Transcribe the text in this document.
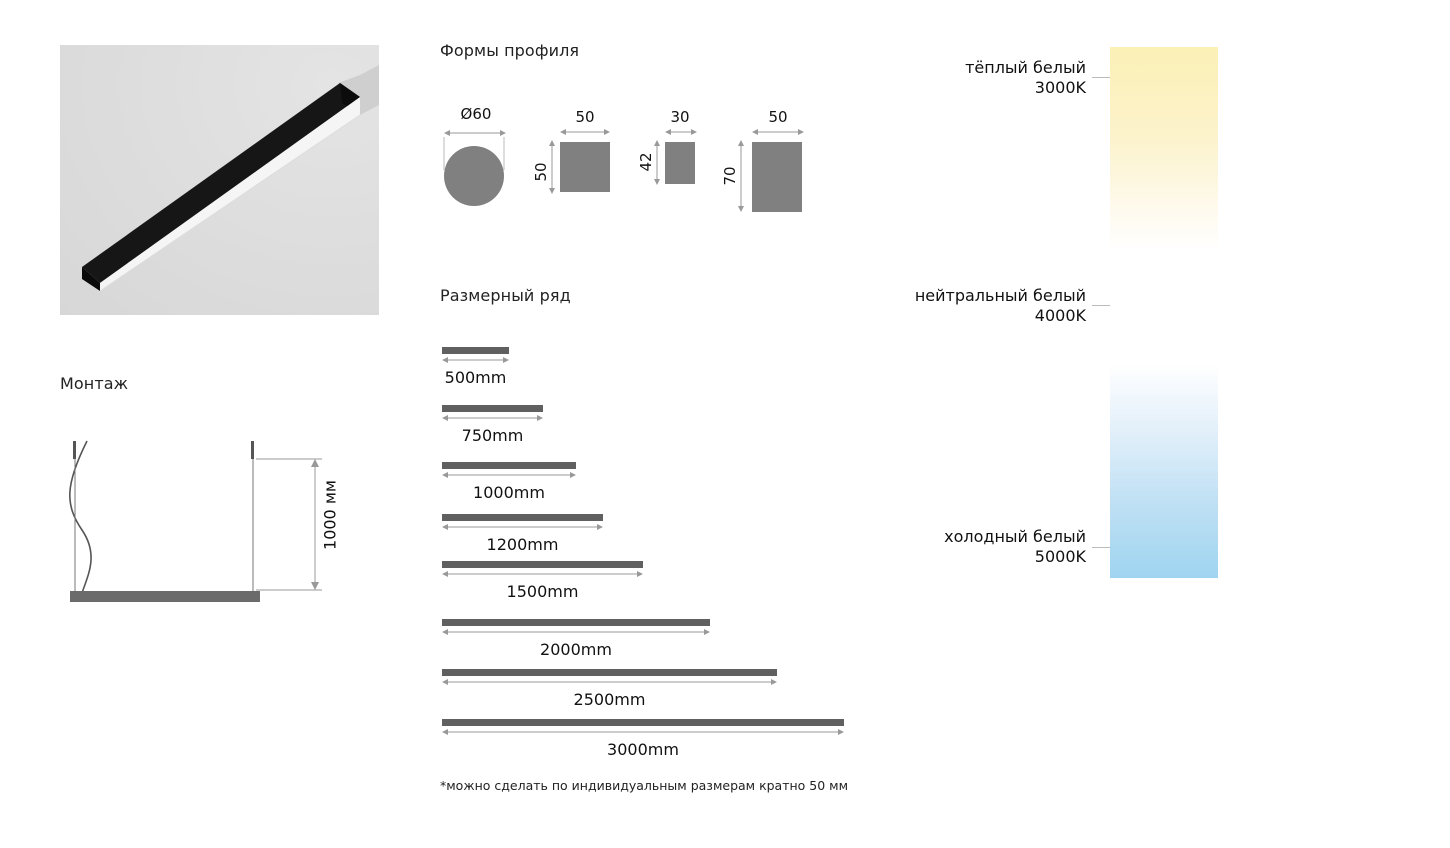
Монтаж
1000 мм
Формы профиля
Ø60	50
50
30
42
50
70
Размерный ряд
500mm
750mm
1000mm
1200mm
1500mm
2000mm
2500mm
3000mm
*можно сделать по индивидуальным размерам кратно 50 мм
тёплый белый
3000K
нейтральный белый
4000K
холодный белый
5000K
